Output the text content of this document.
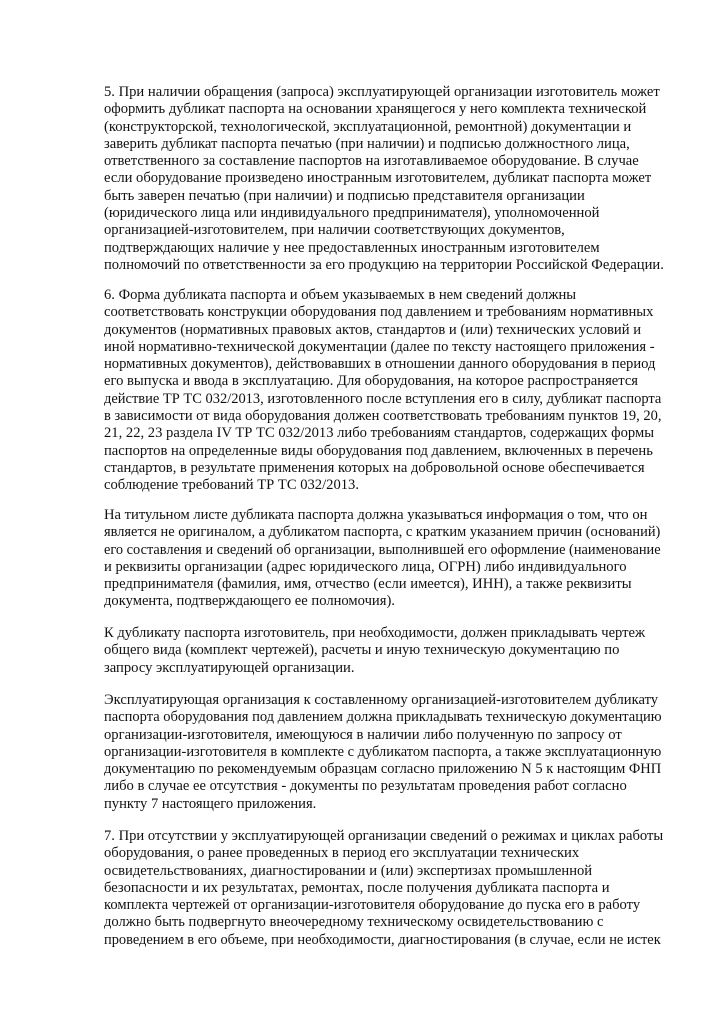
5. При наличии обращения (запроса) эксплуатирующей организации изготовитель может
оформить дубликат паспорта на основании хранящегося у него комплекта технической
(конструкторской, технологической, эксплуатационной, ремонтной) документации и
заверить дубликат паспорта печатью (при наличии) и подписью должностного лица,
ответственного за составление паспортов на изготавливаемое оборудование. В случае
если оборудование произведено иностранным изготовителем, дубликат паспорта может
быть заверен печатью (при наличии) и подписью представителя организации
(юридического лица или индивидуального предпринимателя), уполномоченной
организацией-изготовителем, при наличии соответствующих документов,
подтверждающих наличие у нее предоставленных иностранным изготовителем
полномочий по ответственности за его продукцию на территории Российской Федерации.
6. Форма дубликата паспорта и объем указываемых в нем сведений должны
соответствовать конструкции оборудования под давлением и требованиям нормативных
документов (нормативных правовых актов, стандартов и (или) технических условий и
иной нормативно-технической документации (далее по тексту настоящего приложения -
нормативных документов), действовавших в отношении данного оборудования в период
его выпуска и ввода в эксплуатацию. Для оборудования, на которое распространяется
действие ТР ТС 032/2013, изготовленного после вступления его в силу, дубликат паспорта
в зависимости от вида оборудования должен соответствовать требованиям пунктов 19, 20,
21, 22, 23 раздела IV ТР ТС 032/2013 либо требованиям стандартов, содержащих формы
паспортов на определенные виды оборудования под давлением, включенных в перечень
стандартов, в результате применения которых на добровольной основе обеспечивается
соблюдение требований ТР ТС 032/2013.
На титульном листе дубликата паспорта должна указываться информация о том, что он
является не оригиналом, а дубликатом паспорта, с кратким указанием причин (оснований)
его составления и сведений об организации, выполнившей его оформление (наименование
и реквизиты организации (адрес юридического лица, ОГРН) либо индивидуального
предпринимателя (фамилия, имя, отчество (если имеется), ИНН), а также реквизиты
документа, подтверждающего ее полномочия).
К дубликату паспорта изготовитель, при необходимости, должен прикладывать чертеж
общего вида (комплект чертежей), расчеты и иную техническую документацию по
запросу эксплуатирующей организации.
Эксплуатирующая организация к составленному организацией-изготовителем дубликату
паспорта оборудования под давлением должна прикладывать техническую документацию
организации-изготовителя, имеющуюся в наличии либо полученную по запросу от
организации-изготовителя в комплекте с дубликатом паспорта, а также эксплуатационную
документацию по рекомендуемым образцам согласно приложению N 5 к настоящим ФНП
либо в случае ее отсутствия - документы по результатам проведения работ согласно
пункту 7 настоящего приложения.
7. При отсутствии у эксплуатирующей организации сведений о режимах и циклах работы
оборудования, о ранее проведенных в период его эксплуатации технических
освидетельствованиях, диагностировании и (или) экспертизах промышленной
безопасности и их результатах, ремонтах, после получения дубликата паспорта и
комплекта чертежей от организации-изготовителя оборудование до пуска его в работу
должно быть подвергнуто внеочередному техническому освидетельствованию с
проведением в его объеме, при необходимости, диагностирования (в случае, если не истек
